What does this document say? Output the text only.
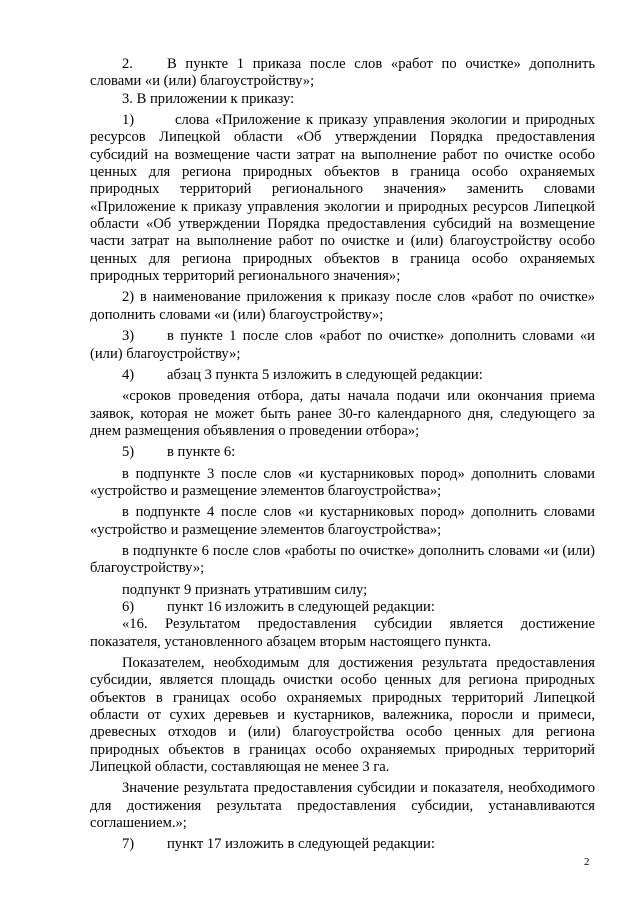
2. В пункте 1 приказа после слов «работ по очистке» дополнить словами «и (или) благоустройству»;

3. В приложении к приказу:

1)	слова «Приложение к приказу управления экологии и природных ресурсов Липецкой области «Об утверждении Порядка предоставления субсидий на возмещение части затрат на выполнение работ по очистке особо ценных для региона природных объектов в граница особо охраняемых природных территорий регионального значения» заменить словами «Приложение к приказу управления экологии и природных ресурсов Липецкой области «Об утверждении Порядка предоставления субсидий на возмещение части затрат на выполнение работ по очистке и (или) благоустройству особо ценных для региона природных объектов в граница особо охраняемых природных территорий регионального значения»;

2) в наименование приложения к приказу после слов «работ по очистке» дополнить словами «и (или) благоустройству»;

3) в пункте 1 после слов «работ по очистке» дополнить словами «и (или) благоустройству»;

4) абзац 3 пункта 5 изложить в следующей редакции:

«сроков проведения отбора, даты начала подачи или окончания приема заявок, которая не может быть ранее 30-го календарного дня, следующего за днем размещения объявления о проведении отбора»;

5) в пункте 6:

в подпункте 3 после слов «и кустарниковых пород» дополнить словами «устройство и размещение элементов благоустройства»;

в подпункте 4 после слов «и кустарниковых пород» дополнить словами «устройство и размещение элементов благоустройства»;

в подпункте 6 после слов «работы по очистке» дополнить словами «и (или) благоустройству»;

подпункт 9 признать утратившим силу;

6) пункт 16 изложить в следующей редакции:

«16. Результатом предоставления субсидии является достижение показателя, установленного абзацем вторым настоящего пункта.

Показателем, необходимым для достижения результата предоставления субсидии, является площадь очистки особо ценных для региона природных объектов в границах особо охраняемых природных территорий Липецкой области от сухих деревьев и кустарников, валежника, поросли и примеси, древесных отходов и (или) благоустройства особо ценных для региона природных объектов в границах особо охраняемых природных территорий Липецкой области, составляющая не менее 3 га.

Значение результата предоставления субсидии и показателя, необходимого для достижения результата предоставления субсидии, устанавливаются соглашением.»;

7) пункт 17 изложить в следующей редакции:

2
